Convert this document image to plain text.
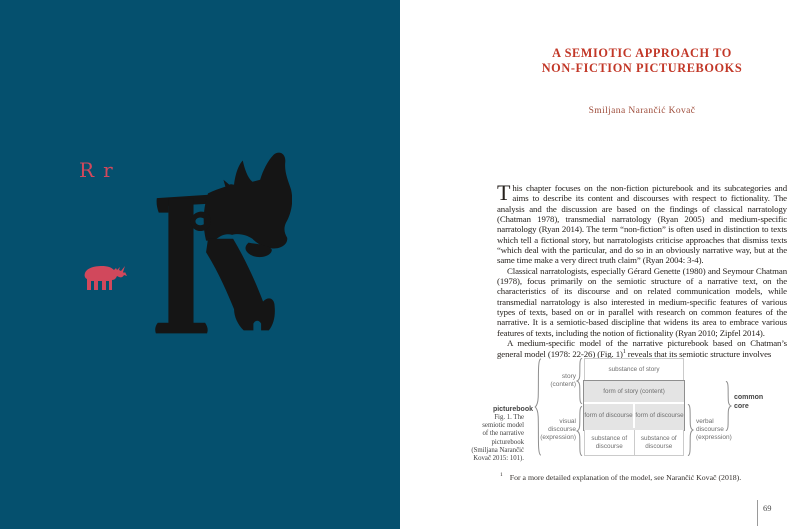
R r
A SEMIOTIC APPROACH TO
NON-FICTION PICTUREBOOKS
Smiljana Narančić Kovač

This chapter focuses on the non-fiction picturebook and its subcategories and aims to describe its content and discourses with respect to fictionality. The analysis and the discussion are based on the findings of classical narratology (Chatman 1978), transmedial narratology (Ryan 2005) and medium-specific narratology (Ryan 2014). The term “non-fiction” is often used in distinction to texts which tell a fictional story, but narratologists criticise approaches that dismiss texts “which deal with the particular, and do so in an obviously narrative way, but at the same time make a very direct truth claim” (Ryan 2004: 3-4).

Classical narratologists, especially Gérard Genette (1980) and Seymour Chatman (1978), focus primarily on the semiotic structure of a narrative text, on the characteristics of its discourse and on related communication models, while transmedial narratology is also interested in medium-specific features of various types of texts, based on or in parallel with research on common features of the narrative. It is a semiotic-based discipline that widens its area to embrace various features of texts, including the notion of fictionality (Ryan 2010; Zipfel 2014).

A medium-specific model of the narrative picturebook based on Chatman’s general model (1978: 22-26) (Fig. 1)$^1$ reveals that its semiotic structure involves

Fig. 1. The
semiotic model
of the narrative
picturebook
(Smiljana Narančić
Kovač 2015: 101).
picturebook
story
(content)
visual
discourse
(expression)
verbal
discourse
(expression)
common
core
substance of story
form of story (content)
form of discourse form of discourse
substance of discourse
substance of discourse
$^1$ For a more detailed explanation of the model, see Narančić Kovač (2018).
69
